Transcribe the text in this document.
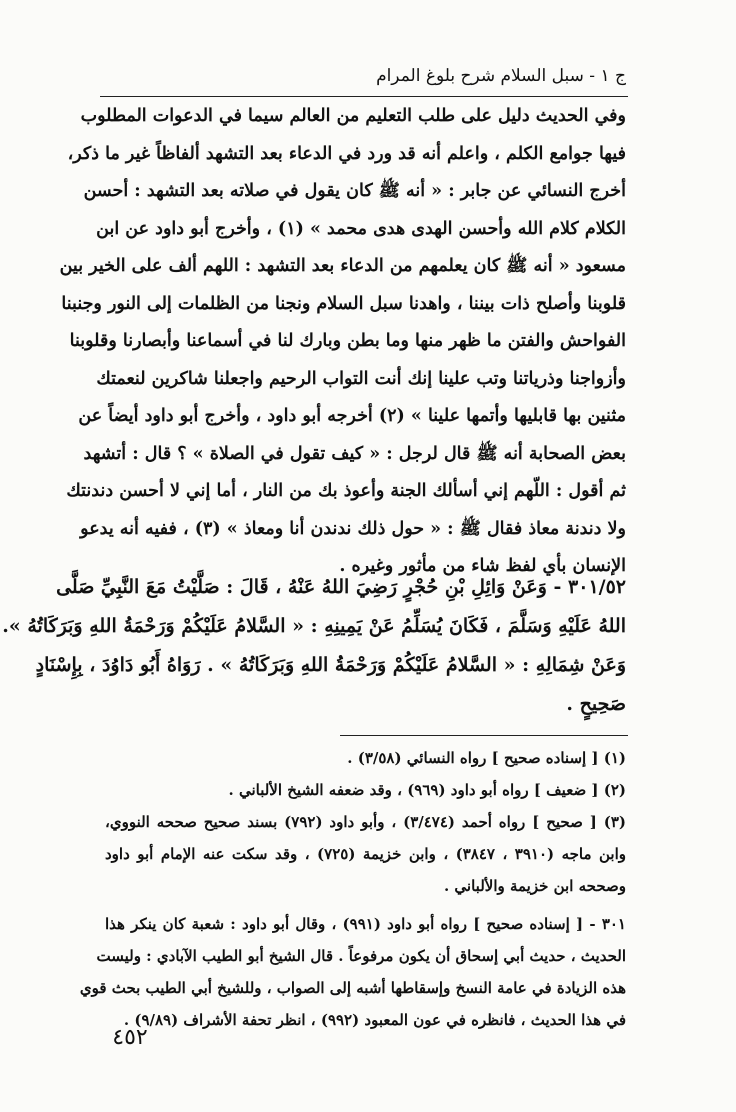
ج ١ - سبل السلام شرح بلوغ المرام
وفي الحديث دليل على طلب التعليم من العالم سيما في الدعوات المطلوب
فيها جوامع الكلم ، واعلم أنه قد ورد في الدعاء بعد التشهد ألفاظاً غير ما ذكر،
أخرج النسائي عن جابر : « أنه ﷺ كان يقول في صلاته بعد التشهد : أحسن
الكلام كلام الله وأحسن الهدى هدى محمد » (١) ، وأخرج أبو داود عن ابن
مسعود « أنه ﷺ كان يعلمهم من الدعاء بعد التشهد : اللهم ألف على الخير بين
قلوبنا وأصلح ذات بيننا ، واهدنا سبل السلام ونجنا من الظلمات إلى النور وجنبنا
الفواحش والفتن ما ظهر منها وما بطن وبارك لنا في أسماعنا وأبصارنا وقلوبنا
وأزواجنا وذرياتنا وتب علينا إنك أنت التواب الرحيم واجعلنا شاكرين لنعمتك
مثنين بها قابليها وأتمها علينا » (٢) أخرجه أبو داود ، وأخرج أبو داود أيضاً عن
بعض الصحابة أنه ﷺ قال لرجل : « كيف تقول في الصلاة » ؟ قال : أتشهد
ثم أقول : اللّهم إني أسألك الجنة وأعوذ بك من النار ، أما إني لا أحسن دندنتك
ولا دندنة معاذ فقال ﷺ : « حول ذلك ندندن أنا ومعاذ » (٣) ، ففيه أنه يدعو
الإنسان بأي لفظ شاء من مأثور وغيره .
٣٠١/٥٢ - وَعَنْ وَائِلِ بْنِ حُجْرٍ رَضِيَ اللهُ عَنْهُ ، قَالَ : صَلَّيْتُ مَعَ النَّبِيِّ صَلَّى
اللهُ عَلَيْهِ وَسَلَّمَ ، فَكَانَ يُسَلِّمُ عَنْ يَمِينِهِ : « السَّلامُ عَلَيْكُمْ وَرَحْمَةُ اللهِ وَبَرَكَاتُهُ ».
وَعَنْ شِمَالِهِ : « السَّلامُ عَلَيْكُمْ وَرَحْمَةُ اللهِ وَبَرَكَاتُهُ » . رَوَاهُ أَبُو دَاوُدَ ، بِإِسْنَادٍ
صَحِيحٍ .
(١) [ إسناده صحيح ] رواه النسائي (٣/٥٨) .
(٢) [ ضعيف ] رواه أبو داود (٩٦٩) ، وقد ضعفه الشيخ الألباني .
(٣) [ صحيح ] رواه أحمد (٣/٤٧٤) ، وأبو داود (٧٩٢) بسند صحيح صححه النووي،
وابن ماجه (٣٩١٠ ، ٣٨٤٧) ، وابن خزيمة (٧٢٥) ، وقد سكت عنه الإمام أبو داود
وصححه ابن خزيمة والألباني .
٣٠١ - [ إسناده صحيح ] رواه أبو داود (٩٩١) ، وقال أبو داود : شعبة كان ينكر هذا
الحديث ، حديث أبي إسحاق أن يكون مرفوعاً . قال الشيخ أبو الطيب الآبادي : وليست
هذه الزيادة في عامة النسخ وإسقاطها أشبه إلى الصواب ، وللشيخ أبي الطيب بحث قوي
في هذا الحديث ، فانظره في عون المعبود (٩٩٢) ، انظر تحفة الأشراف (٩/٨٩) .
٤٥٢
